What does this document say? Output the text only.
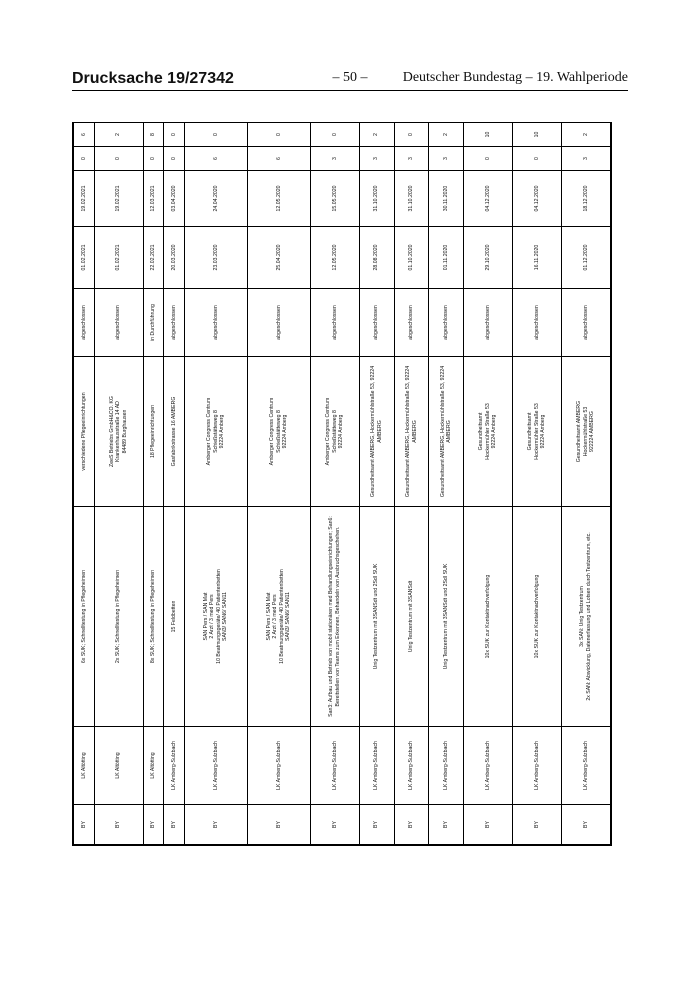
Drucksache 19/27342	– 50 –	Deutscher Bundestag – 19. Wahlperiode
BY	LK Altötting	6x SUK; Schnelltestung in Pflegeheimen	verschiedene Pflegeeinrichtungen	abgeschlossen	01.02.2021	19.02.2021	0	6
BY	LK Altötting	2x SUK; Schnelltestung in Pflegeheimen	ZeeS Betriebs GmbH&CO. KG
Krankenhausstraße 14 AD
84489 Burghausen	abgeschlossen	01.02.2021	19.02.2021	0	2
BY	LK Altötting	8x SUK; Schnelltestung in Pflegeheimen	18 Pflegeeinrichtungen	in Durchführung	22.02.2021	12.03.2021	0	8
BY	LK Amberg-Sulzbach	15 Feldbetten	Gasfabrikstrasse 16 AMBERG	abgeschlossen	20.03.2020	03.04.2020	0	0
BY	LK Amberg-Sulzbach	SAN Pers / SAN Mat
2 Arzt / 3 med Pers
10 Beatmungsgeräte/ 40 Patientenbetten
SAN3/ SAN6/ SAN11	Amberger Congress Centrum
Schießstätteweg 8
92224 Amberg	abgeschlossen	23.03.2020	24.04.2020	6	0
BY	LK Amberg-Sulzbach	SAN Pers / SAN Mat
2 Arzt / 3 med Pers
10 Beatmungsgeräte/ 40 Patientenbetten
SAN3/ SAN6/ SAN11	Amberger Congress Centrum
Schießstätteweg 8
92224 Amberg	abgeschlossen	25.04.2020	12.05.2020	6	0
BY	LK Amberg-Sulzbach	San3: Aufbau und Betrieb von mobil stationären med Behandlungseinrichtungen; San6:
Bereitstellen von Teams zum Erkennen, Behandeln von Ausbruchsgeschehen.	Amberger Congress Centrum
Schießstätteweg 8
92224 Amberg	abgeschlossen	12.05.2020	15.05.2020	3	0
BY	LK Amberg-Sulzbach	Unig Testzentrum mit 3SANSdt und 2SdI SUK	Gesundheitsamt AMBERG, Hockermühlstraße 53, 92224
AMBERG	abgeschlossen	28.08.2020	31.10.2020	3	2
BY	LK Amberg-Sulzbach	Unig Testzentrum mit 3SANSdt	Gesundheitsamt AMBERG, Hockermühlstraße 53, 92224
AMBERG	abgeschlossen	01.10.2020	31.10.2020	3	0
BY	LK Amberg-Sulzbach	Unig Testzentrum mit 3SANSdt und 2SdI SUK	Gesundheitsamt AMBERG, Hockermühlstraße 53, 92224
AMBERG	abgeschlossen	01.11.2020	30.11.2020	3	2
BY	LK Amberg-Sulzbach	10x SUK zur Kontaktnachverfolgung	Gesundheitsamt
Hockermühler Straße 53
92224 Amberg	abgeschlossen	29.10.2020	04.12.2020	0	10
BY	LK Amberg-Sulzbach	10x SUK zur Kontaktnachverfolgung	Gesundheitsamt
Hockermühler Straße 53
92224 Amberg	abgeschlossen	16.11.2020	04.12.2020	0	10
BY	LK Amberg-Sulzbach	3x SAN: Unig Testzentrum
2x SAN: Abwicklung, Datenerfassung und Lotsen durch Testzentrum, etc.	Gesundheitsamt AMBERG
Hockermühlstraße 53
922224 AMBERG	abgeschlossen	01.12.2020	18.12.2020	3	2
